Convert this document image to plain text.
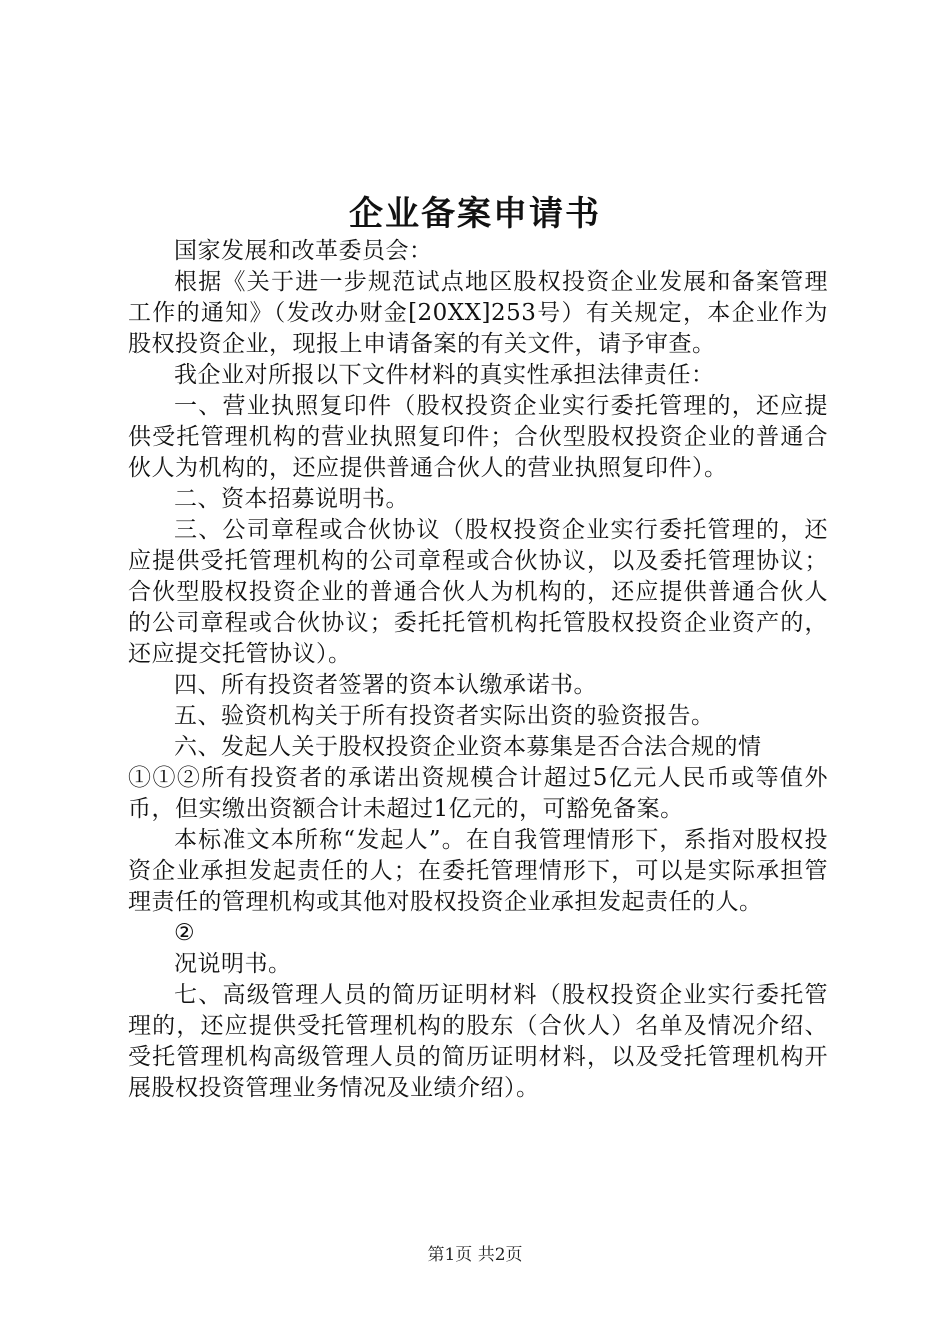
企业备案申请书

国家发展和改革委员会：

根据《关于进一步规范试点地区股权投资企业发展和备案管理工作的通知》（发改办财金[20XX]253号）有关规定，本企业作为股权投资企业，现报上申请备案的有关文件，请予审查。

我企业对所报以下文件材料的真实性承担法律责任：

一、营业执照复印件（股权投资企业实行委托管理的，还应提供受托管理机构的营业执照复印件；合伙型股权投资企业的普通合伙人为机构的，还应提供普通合伙人的营业执照复印件）。

二、资本招募说明书。

三、公司章程或合伙协议（股权投资企业实行委托管理的，还应提供受托管理机构的公司章程或合伙协议，以及委托管理协议；合伙型股权投资企业的普通合伙人为机构的，还应提供普通合伙人的公司章程或合伙协议；委托托管机构托管股权投资企业资产的，还应提交托管协议）。

四、所有投资者签署的资本认缴承诺书。

五、验资机构关于所有投资者实际出资的验资报告。

六、发起人关于股权投资企业资本募集是否合法合规的情

①①②所有投资者的承诺出资规模合计超过5亿元人民币或等值外币，但实缴出资额合计未超过1亿元的，可豁免备案。

本标准文本所称“发起人”。在自我管理情形下，系指对股权投资企业承担发起责任的人；在委托管理情形下，可以是实际承担管理责任的管理机构或其他对股权投资企业承担发起责任的人。

②

况说明书。

七、高级管理人员的简历证明材料（股权投资企业实行委托管理的，还应提供受托管理机构的股东（合伙人）名单及情况介绍、受托管理机构高级管理人员的简历证明材料，以及受托管理机构开展股权投资管理业务情况及业绩介绍）。

第1页 共2页
